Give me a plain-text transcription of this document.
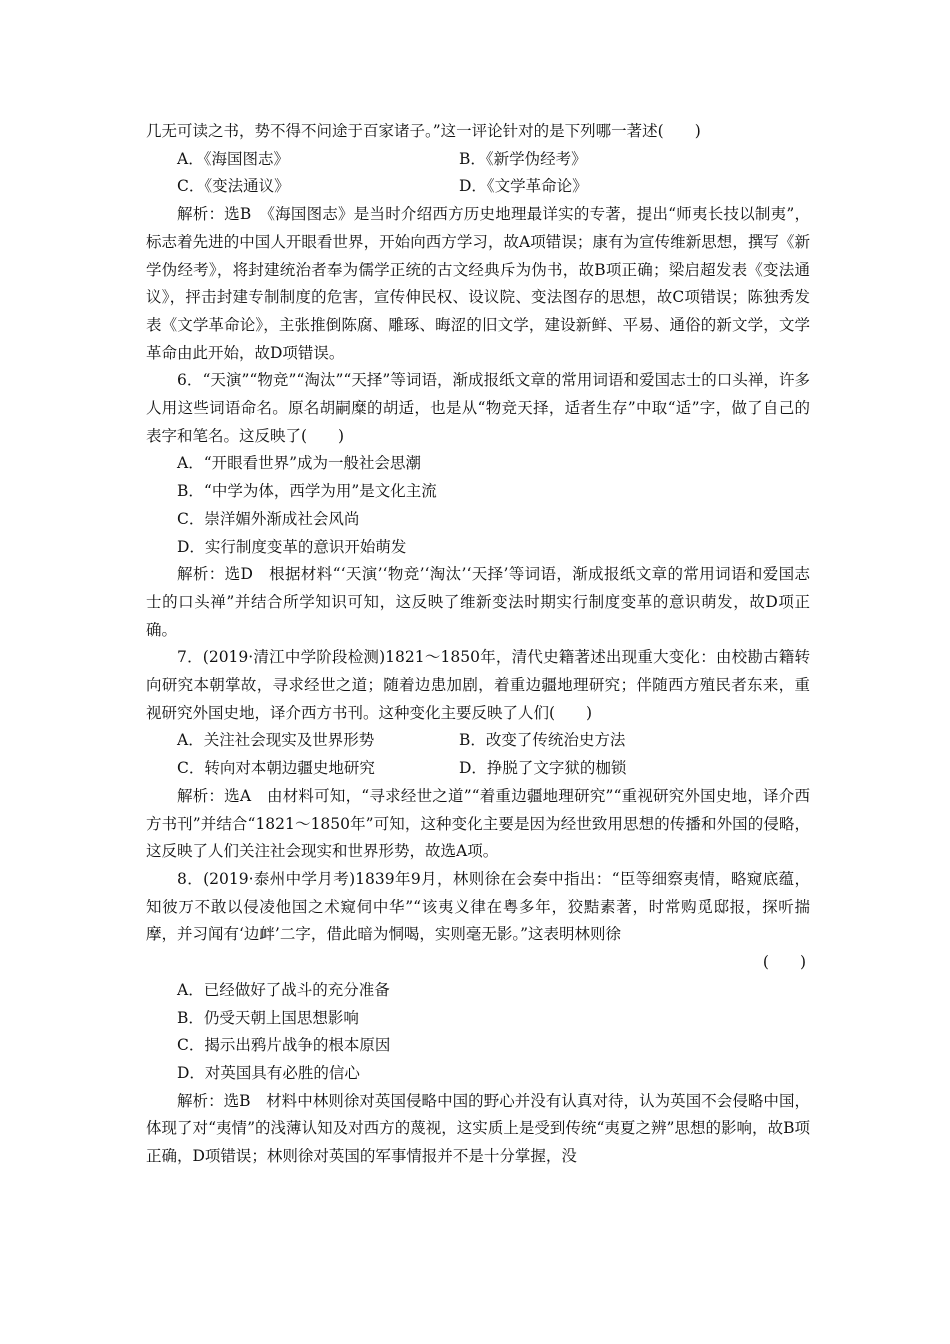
几无可读之书，势不得不问途于百家诸子。”这一评论针对的是下列哪一著述(　　)

A．《海国图志》	B．《新学伪经考》
C．《变法通议》	D．《文学革命论》

解析：选B　《海国图志》是当时介绍西方历史地理最详实的专著，提出“师夷长技以制夷”，标志着先进的中国人开眼看世界，开始向西方学习，故A项错误；康有为宣传维新思想，撰写《新学伪经考》，将封建统治者奉为儒学正统的古文经典斥为伪书，故B项正确；梁启超发表《变法通议》，抨击封建专制制度的危害，宣传伸民权、设议院、变法图存的思想，故C项错误；陈独秀发表《文学革命论》，主张推倒陈腐、雕琢、晦涩的旧文学，建设新鲜、平易、通俗的新文学，文学革命由此开始，故D项错误。

6．“天演”“物竞”“淘汰”“天择”等词语，渐成报纸文章的常用词语和爱国志士的口头禅，许多人用这些词语命名。原名胡嗣糜的胡适，也是从“物竞天择，适者生存”中取“适”字，做了自己的表字和笔名。这反映了(　　)

A．“开眼看世界”成为一般社会思潮

B．“中学为体，西学为用”是文化主流

C．崇洋媚外渐成社会风尚

D．实行制度变革的意识开始萌发

解析：选D　根据材料“‘天演’‘物竞’‘淘汰’‘天择’等词语，渐成报纸文章的常用词语和爱国志士的口头禅”并结合所学知识可知，这反映了维新变法时期实行制度变革的意识萌发，故D项正确。

7．(2019·清江中学阶段检测)1821～1850年，清代史籍著述出现重大变化：由校勘古籍转向研究本朝掌故，寻求经世之道；随着边患加剧，着重边疆地理研究；伴随西方殖民者东来，重视研究外国史地，译介西方书刊。这种变化主要反映了人们(　　)

A．关注社会现实及世界形势	B．改变了传统治史方法
C．转向对本朝边疆史地研究	D．挣脱了文字狱的枷锁

解析：选A　由材料可知，“寻求经世之道”“着重边疆地理研究”“重视研究外国史地，译介西方书刊”并结合“1821～1850年”可知，这种变化主要是因为经世致用思想的传播和外国的侵略，这反映了人们关注社会现实和世界形势，故选A项。

8．(2019·泰州中学月考)1839年9月，林则徐在会奏中指出：“臣等细察夷情，略窥底蕴，知彼万不敢以侵凌他国之术窥伺中华”“该夷义律在粤多年，狡黠素著，时常购觅邸报，探听揣摩，并习闻有‘边衅’二字，借此暗为恫喝，实则毫无影。”这表明林则徐

(　　)

A．已经做好了战斗的充分准备

B．仍受天朝上国思想影响

C．揭示出鸦片战争的根本原因

D．对英国具有必胜的信心

解析：选B　材料中林则徐对英国侵略中国的野心并没有认真对待，认为英国不会侵略中国，体现了对“夷情”的浅薄认知及对西方的蔑视，这实质上是受到传统“夷夏之辨”思想的影响，故B项正确，D项错误；林则徐对英国的军事情报并不是十分掌握，没
